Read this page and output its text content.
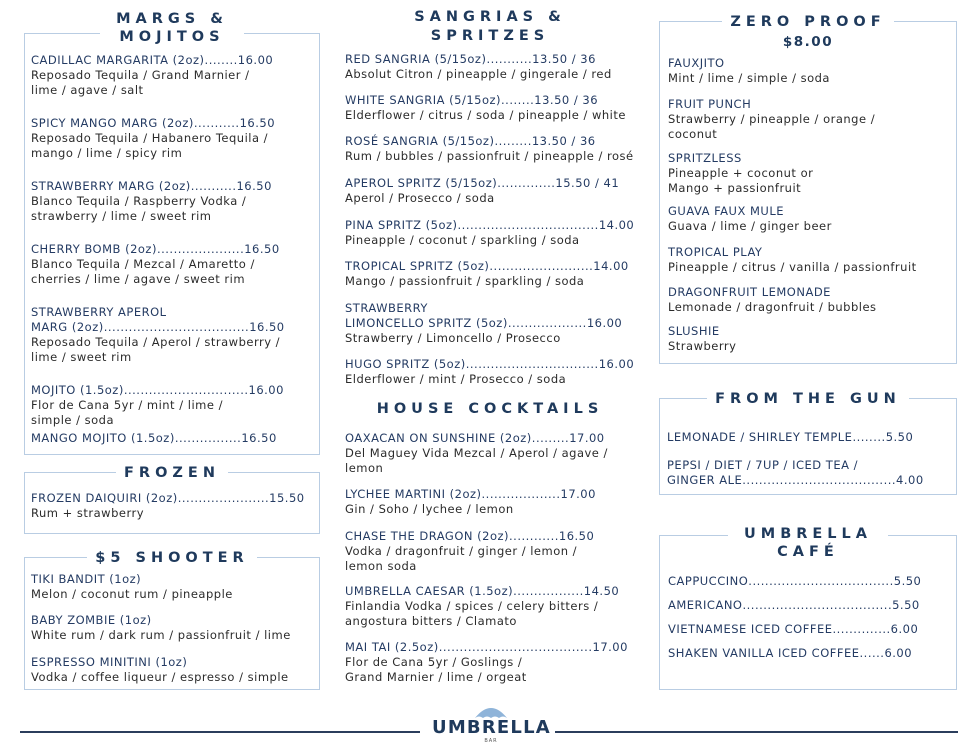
MARGS &
MOJITOS
CADILLAC MARGARITA (2oz)........16.00
Reposado Tequila / Grand Marnier / lime / agave / salt
SPICY MANGO MARG (2oz)...........16.50
Reposado Tequila / Habanero Tequila / mango / lime / spicy rim
STRAWBERRY MARG (2oz)...........16.50
Blanco Tequila / Raspberry Vodka / strawberry / lime / sweet rim
CHERRY BOMB (2oz).....................16.50
Blanco Tequila / Mezcal / Amaretto / cherries / lime / agave / sweet rim
STRAWBERRY APEROL
MARG (2oz)...................................16.50
Reposado Tequila / Aperol / strawberry / lime / sweet rim
MOJITO (1.5oz)..............................16.00
Flor de Cana 5yr / mint / lime / simple / soda
MANGO MOJITO (1.5oz)................16.50
FROZEN
FROZEN DAIQUIRI (2oz)......................15.50
Rum + strawberry
$5 SHOOTER
TIKI BANDIT (1oz)
Melon / coconut rum / pineapple
BABY ZOMBIE (1oz)
White rum / dark rum / passionfruit / lime
ESPRESSO MINITINI (1oz)
Vodka / coffee liqueur / espresso / simple
SANGRIAS &
SPRITZES
RED SANGRIA (5/15oz)...........13.50 / 36
Absolut Citron / pineapple / gingerale / red
WHITE SANGRIA (5/15oz)........13.50 / 36
Elderflower / citrus / soda / pineapple / white
ROSÉ SANGRIA (5/15oz).........13.50 / 36
Rum / bubbles / passionfruit / pineapple / rosé
APEROL SPRITZ (5/15oz)..............15.50 / 41
Aperol / Prosecco / soda
PINA SPRITZ (5oz)..................................14.00
Pineapple / coconut / sparkling / soda
TROPICAL SPRITZ (5oz).........................14.00
Mango / passionfruit / sparkling / soda
STRAWBERRY
LIMONCELLO SPRITZ (5oz)...................16.00
Strawberry / Limoncello / Prosecco
HUGO SPRITZ (5oz)................................16.00
Elderflower / mint / Prosecco / soda
HOUSE COCKTAILS
OAXACAN ON SUNSHINE (2oz).........17.00
Del Maguey Vida Mezcal / Aperol / agave / lemon
LYCHEE MARTINI (2oz)...................17.00
Gin / Soho / lychee / lemon
CHASE THE DRAGON (2oz)............16.50
Vodka / dragonfruit / ginger / lemon / lemon soda
UMBRELLA CAESAR (1.5oz).................14.50
Finlandia Vodka / spices / celery bitters / angostura bitters / Clamato
MAI TAI (2.5oz).....................................17.00
Flor de Cana 5yr / Goslings / Grand Marnier / lime / orgeat
ZERO PROOF
$8.00
FAUXJITO
Mint / lime / simple / soda
FRUIT PUNCH
Strawberry / pineapple / orange / coconut
SPRITZLESS
Pineapple + coconut or Mango + passionfruit
GUAVA FAUX MULE
Guava / lime / ginger beer
TROPICAL PLAY
Pineapple / citrus / vanilla / passionfruit
DRAGONFRUIT LEMONADE
Lemonade / dragonfruit / bubbles
SLUSHIE
Strawberry
FROM THE GUN
LEMONADE / SHIRLEY TEMPLE........5.50
PEPSI / DIET / 7UP / ICED TEA /
GINGER ALE.....................................4.00
UMBRELLA
CAFÉ
CAPPUCCINO...................................5.50
AMERICANO....................................5.50
VIETNAMESE ICED COFFEE..............6.00
SHAKEN VANILLA ICED COFFEE......6.00
UMBRELLA
BAR
